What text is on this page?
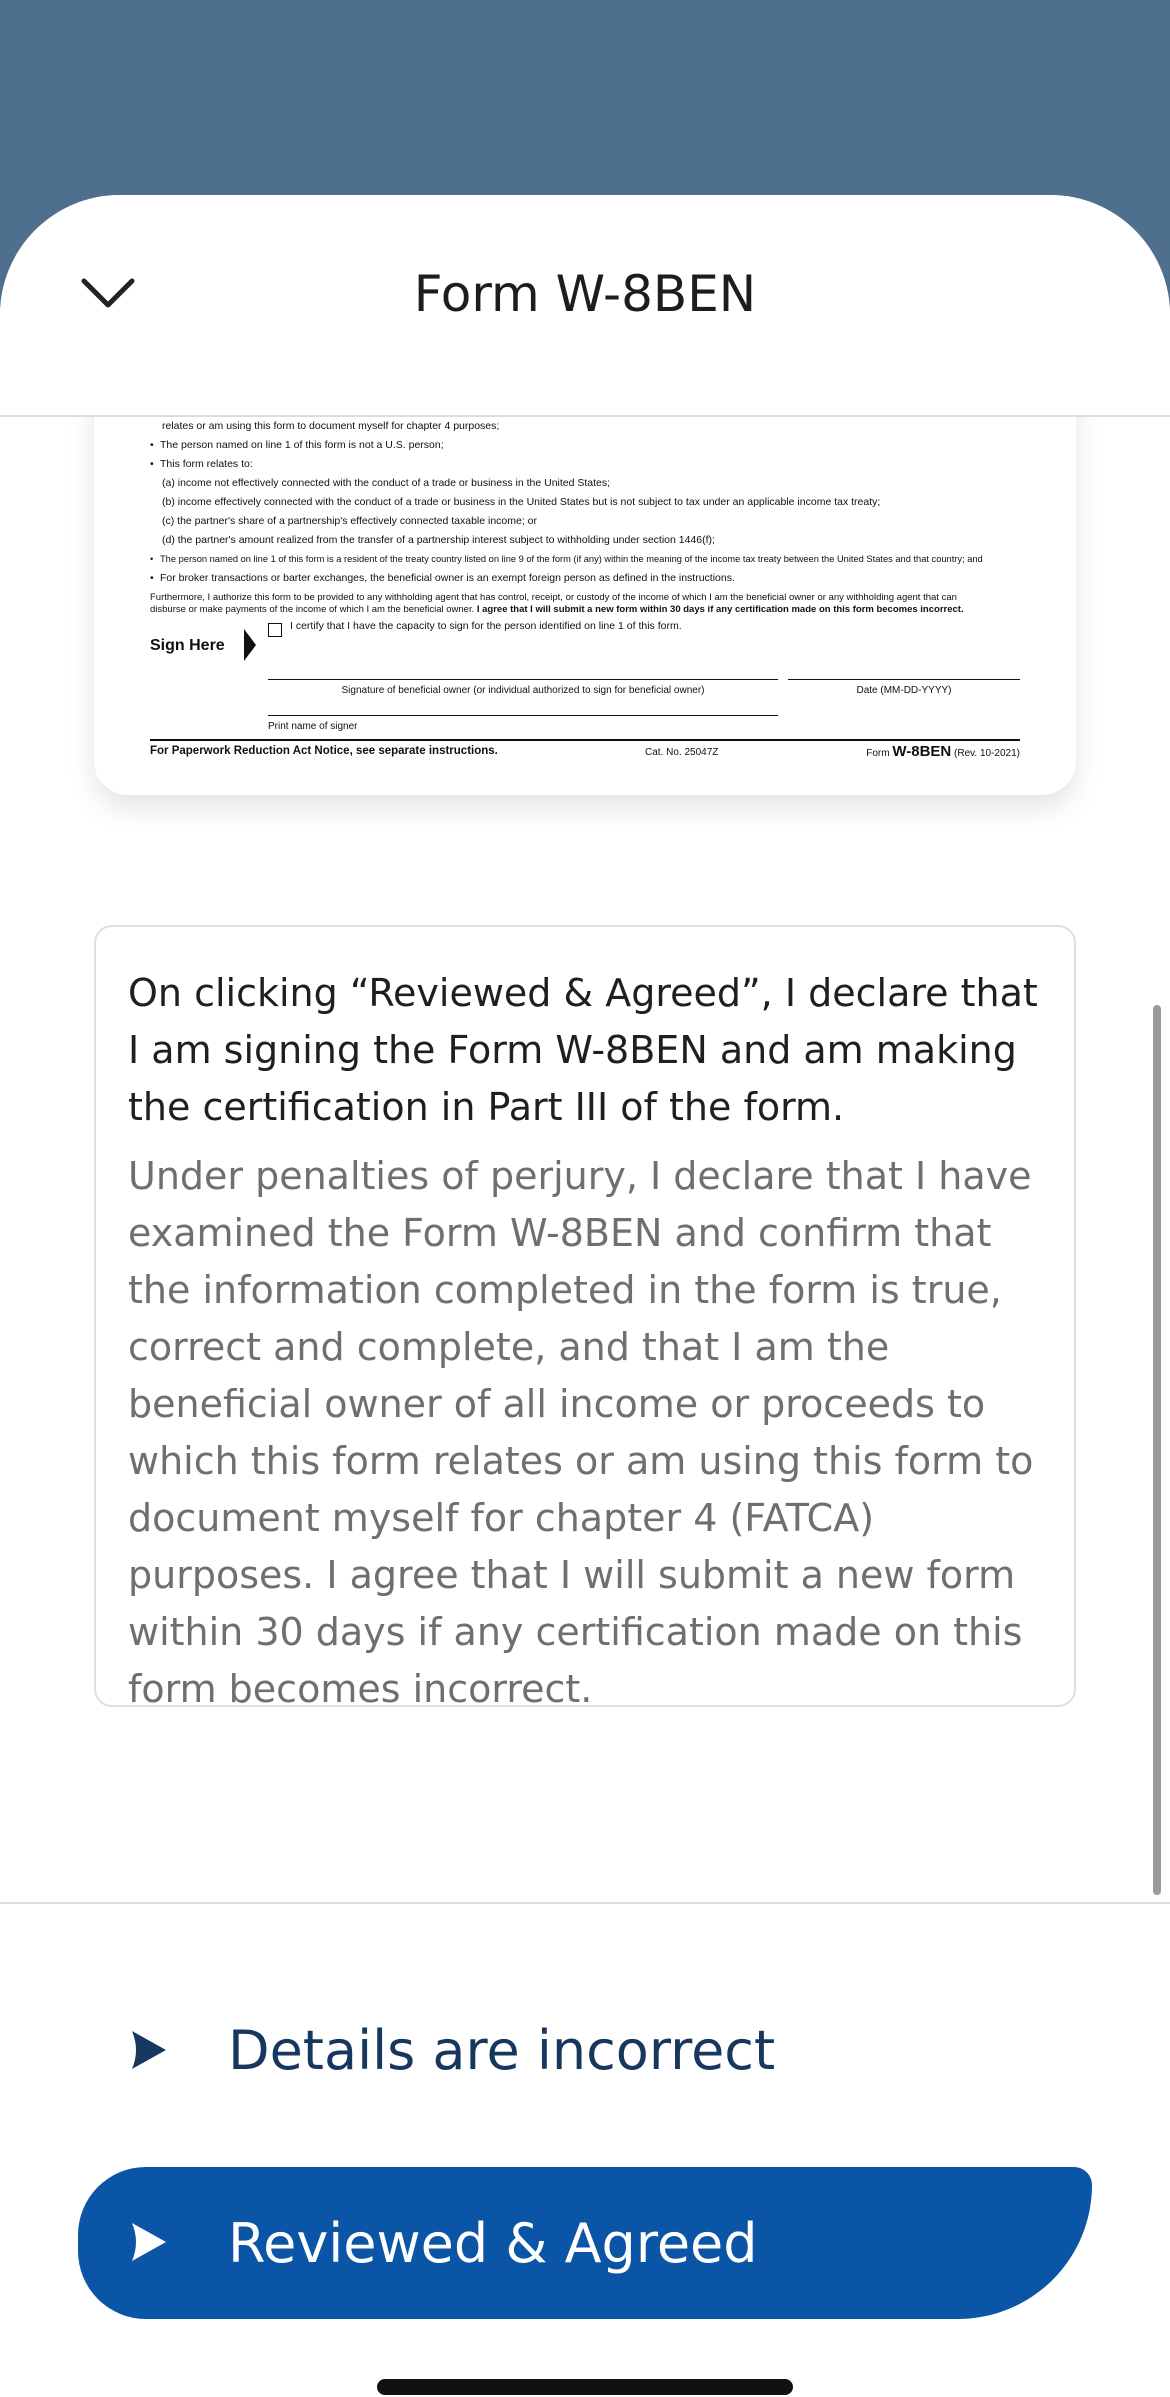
Form W-8BEN
relates or am using this form to document myself for chapter 4 purposes;
• The person named on line 1 of this form is not a U.S. person;
• This form relates to:
(a) income not effectively connected with the conduct of a trade or business in the United States;
(b) income effectively connected with the conduct of a trade or business in the United States but is not subject to tax under an applicable income tax treaty;
(c) the partner's share of a partnership's effectively connected taxable income; or
(d) the partner's amount realized from the transfer of a partnership interest subject to withholding under section 1446(f);
• The person named on line 1 of this form is a resident of the treaty country listed on line 9 of the form (if any) within the meaning of the income tax treaty between the United States and that country; and
• For broker transactions or barter exchanges, the beneficial owner is an exempt foreign person as defined in the instructions.
Furthermore, I authorize this form to be provided to any withholding agent that has control, receipt, or custody of the income of which I am the beneficial owner or any withholding agent that can
disburse or make payments of the income of which I am the beneficial owner. I agree that I will submit a new form within 30 days if any certification made on this form becomes incorrect.
Sign Here
I certify that I have the capacity to sign for the person identified on line 1 of this form.
Signature of beneficial owner (or individual authorized to sign for beneficial owner)	Date (MM-DD-YYYY)
Print name of signer
For Paperwork Reduction Act Notice, see separate instructions.	Cat. No. 25047Z	Form W-8BEN (Rev. 10-2021)

On clicking “Reviewed & Agreed”, I declare that I am signing the Form W-8BEN and am making the certification in Part III of the form.

Under penalties of perjury, I declare that I have examined the Form W-8BEN and confirm that the information completed in the form is true, correct and complete, and that I am the beneficial owner of all income or proceeds to which this form relates or am using this form to document myself for chapter 4 (FATCA) purposes. I agree that I will submit a new form within 30 days if any certification made on this form becomes incorrect.

Details are incorrect
Reviewed & Agreed
